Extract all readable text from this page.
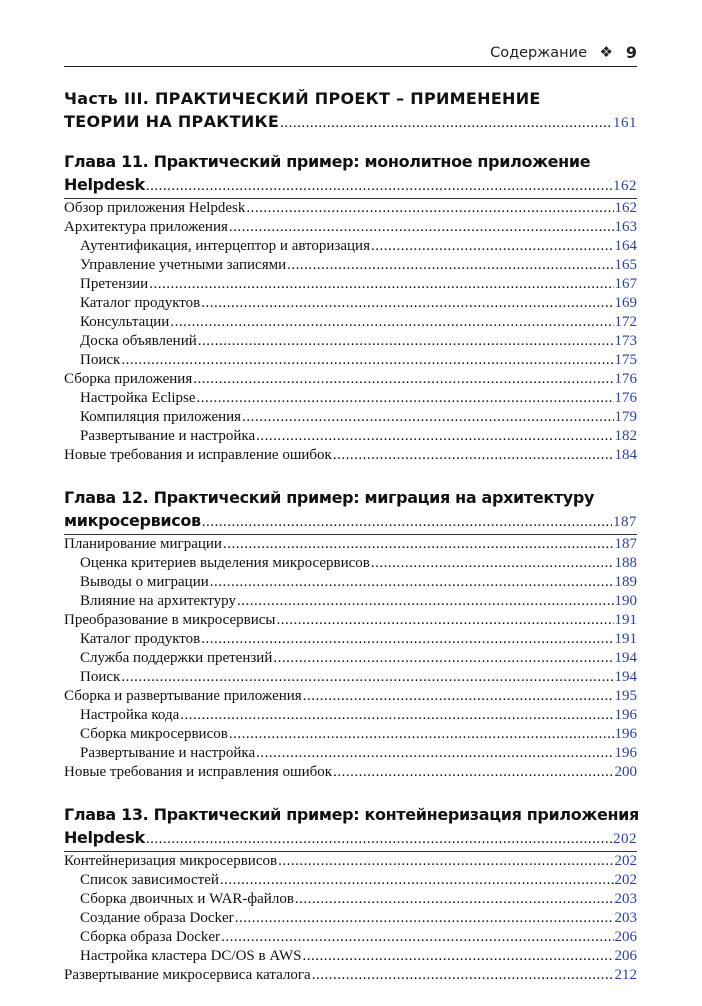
Содержание ❖ 9
Часть III. ПРАКТИЧЕСКИЙ ПРОЕКТ – ПРИМЕНЕНИЕ
ТЕОРИИ НА ПРАКТИКЕ .....	161
Глава 11. Практический пример: монолитное приложение
Helpdesk .....	162
Обзор приложения Helpdesk .....	162
Архитектура приложения .....	163
Аутентификация, интерцептор и авторизация .....	164
Управление учетными записями .....	165
Претензии .....	167
Каталог продуктов .....	169
Консультации .....	172
Доска объявлений .....	173
Поиск .....	175
Сборка приложения .....	176
Настройка Eclipse .....	176
Компиляция приложения .....	179
Развертывание и настройка .....	182
Новые требования и исправление ошибок .....	184
Глава 12. Практический пример: миграция на архитектуру
микросервисов .....	187
Планирование миграции .....	187
Оценка критериев выделения микросервисов .....	188
Выводы о миграции .....	189
Влияние на архитектуру .....	190
Преобразование в микросервисы .....	191
Каталог продуктов .....	191
Служба поддержки претензий .....	194
Поиск .....	194
Сборка и развертывание приложения .....	195
Настройка кода .....	196
Сборка микросервисов .....	196
Развертывание и настройка .....	196
Новые требования и исправления ошибок .....	200
Глава 13. Практический пример: контейнеризация приложения
Helpdesk .....	202
Контейнеризация микросервисов .....	202
Список зависимостей .....	202
Сборка двоичных и WAR-файлов .....	203
Создание образа Docker .....	203
Сборка образа Docker .....	206
Настройка кластера DC/OS в AWS .....	206
Развертывание микросервиса каталога .....	212
